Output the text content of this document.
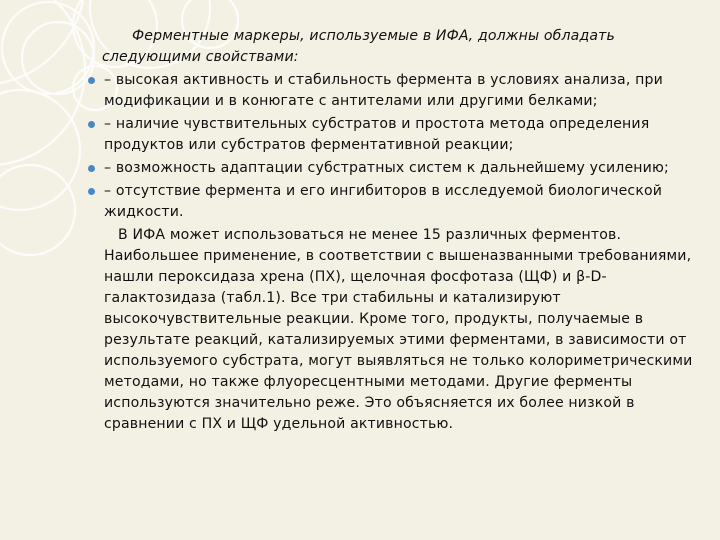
Ферментные маркеры, используемые в ИФА, должны обладать следующими свойствами:
– высокая активность и стабильность фермента в условиях анализа, при модификации и в конюгате с антителами или другими белками;
– наличие чувствительных субстратов и простота метода определения продуктов или субстратов ферментативной реакции;
– возможность адаптации субстратных систем к дальнейшему усилению;
– отсутствие фермента и его ингибиторов в исследуемой биологической жидкости.
В ИФА может использоваться не менее 15 различных ферментов. Наибольшее применение, в соответствии с вышеназванными требованиями, нашли пероксидаза хрена (ПХ), щелочная фосфотаза (ЩФ) и β-D-галактозидаза (табл.1). Все три стабильны и катализируют высокочувствительные реакции. Кроме того, продукты, получаемые в результате реакций, катализируемых этими ферментами, в зависимости от используемого субстрата, могут выявляться не только колориметрическими методами, но также флуоресцентными методами. Другие ферменты используются значительно реже. Это объясняется их более низкой в сравнении с ПХ и ЩФ удельной активностью.
